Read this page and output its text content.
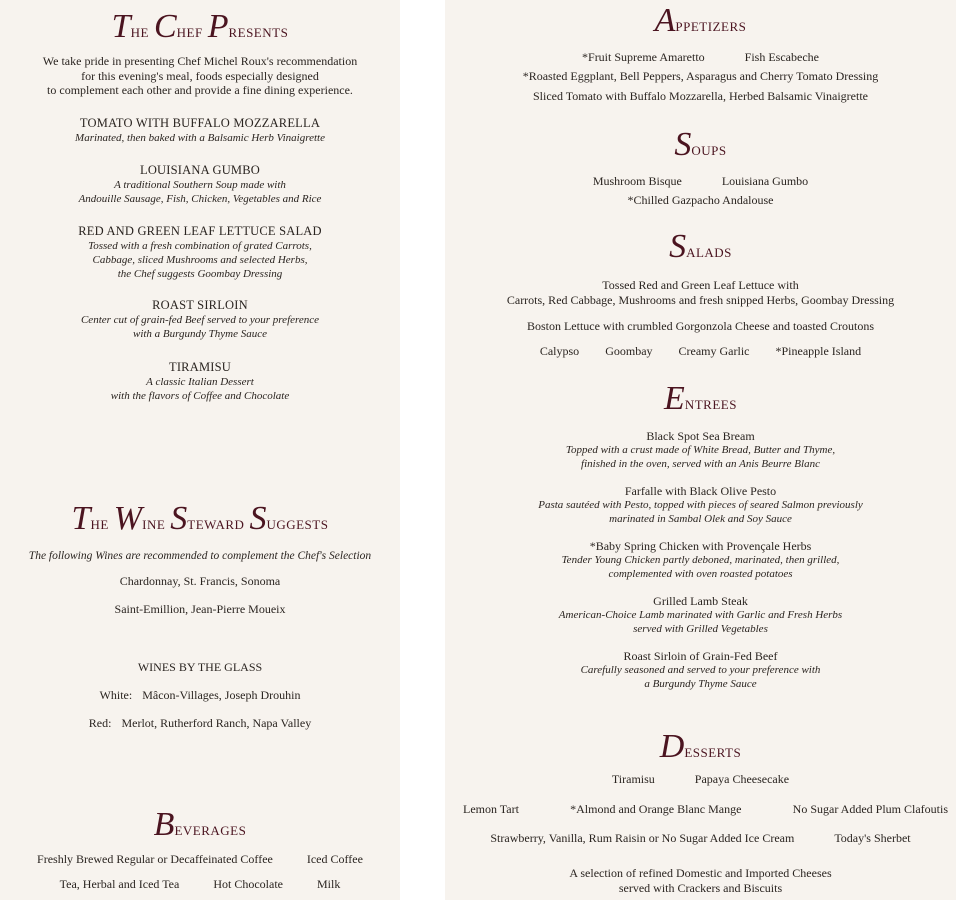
The Chef Presents
We take pride in presenting Chef Michel Roux's recommendation
for this evening's meal, foods especially designed
to complement each other and provide a fine dining experience.
TOMATO WITH BUFFALO MOZZARELLA
Marinated, then baked with a Balsamic Herb Vinaigrette
LOUISIANA GUMBO
A traditional Southern Soup made with
Andouille Sausage, Fish, Chicken, Vegetables and Rice
RED AND GREEN LEAF LETTUCE SALAD
Tossed with a fresh combination of grated Carrots,
Cabbage, sliced Mushrooms and selected Herbs,
the Chef suggests Goombay Dressing
ROAST SIRLOIN
Center cut of grain-fed Beef served to your preference
with a Burgundy Thyme Sauce
TIRAMISU
A classic Italian Dessert
with the flavors of Coffee and Chocolate
The Wine Steward Suggests
The following Wines are recommended to complement the Chef's Selection
Chardonnay, St. Francis, Sonoma
Saint-Emillion, Jean-Pierre Moueix
WINES BY THE GLASS
White: Mâcon-Villages, Joseph Drouhin
Red: Merlot, Rutherford Ranch, Napa Valley
Beverages
Freshly Brewed Regular or Decaffeinated Coffee	Iced Coffee
Tea, Herbal and Iced Tea	Hot Chocolate	Milk
Appetizers
*Fruit Supreme Amaretto	Fish Escabeche
*Roasted Eggplant, Bell Peppers, Asparagus and Cherry Tomato Dressing
Sliced Tomato with Buffalo Mozzarella, Herbed Balsamic Vinaigrette
Soups
Mushroom Bisque	Louisiana Gumbo
*Chilled Gazpacho Andalouse
Salads
Tossed Red and Green Leaf Lettuce with
Carrots, Red Cabbage, Mushrooms and fresh snipped Herbs, Goombay Dressing
Boston Lettuce with crumbled Gorgonzola Cheese and toasted Croutons
Calypso Goombay Creamy Garlic *Pineapple Island
Entrees
Black Spot Sea Bream
Topped with a crust made of White Bread, Butter and Thyme,
finished in the oven, served with an Anis Beurre Blanc
Farfalle with Black Olive Pesto
Pasta sautéed with Pesto, topped with pieces of seared Salmon previously
marinated in Sambal Olek and Soy Sauce
*Baby Spring Chicken with Provençale Herbs
Tender Young Chicken partly deboned, marinated, then grilled,
complemented with oven roasted potatoes
Grilled Lamb Steak
American-Choice Lamb marinated with Garlic and Fresh Herbs
served with Grilled Vegetables
Roast Sirloin of Grain-Fed Beef
Carefully seasoned and served to your preference with
a Burgundy Thyme Sauce
Desserts
Tiramisu	Papaya Cheesecake
Lemon Tart	*Almond and Orange Blanc Mange	No Sugar Added Plum Clafoutis
Strawberry, Vanilla, Rum Raisin or No Sugar Added Ice Cream	Today's Sherbet
A selection of refined Domestic and Imported Cheeses
served with Crackers and Biscuits
